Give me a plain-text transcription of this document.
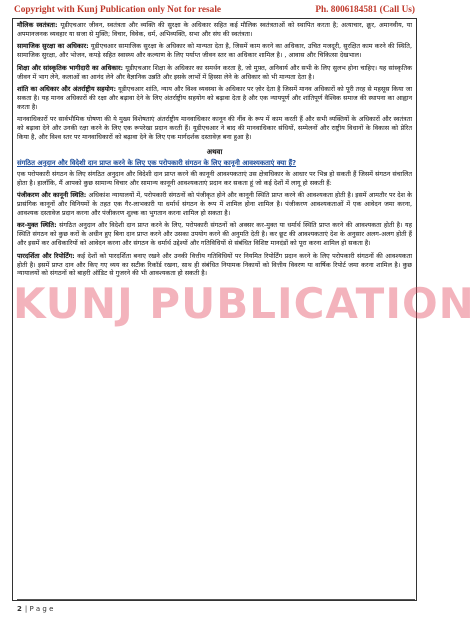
Copyright with Kunj Publication only Not for resale	Ph. 8006184581 (Call Us)

मौलिक स्वतंत्रता: यूडीएचआर जीवन, स्वतंत्रता और व्यक्ति की सुरक्षा के अधिकार सहित कई मौलिक स्वतंत्रताओं को स्थापित करता है; अत्याचार, क्रूर, अमानवीय, या अपमानजनक व्यवहार या सजा से मुक्ति; विचार, विवेक, धर्म, अभिव्यक्ति, सभा और संघ की स्वतंत्रता।

सामाजिक सुरक्षा का अधिकार: यूडीएचआर सामाजिक सुरक्षा के अधिकार को मान्यता देता है, जिसमें काम करने का अधिकार, उचित मजदूरी, सुरक्षित काम करने की स्थिति, सामाजिक सुरक्षा, और भोजन, कपड़े सहित स्वास्थ्य और कल्याण के लिए पर्याप्त जीवन स्तर का अधिकार शामिल है। , आवास और चिकित्सा देखभाल।

शिक्षा और सांस्कृतिक भागीदारी का अधिकार: यूडीएचआर शिक्षा के अधिकार का समर्थन करता है, जो मुफ़्त, अनिवार्य और सभी के लिए सुलभ होना चाहिए। यह सांस्कृतिक जीवन में भाग लेने, कलाओं का आनंद लेने और वैज्ञानिक उन्नति और इसके लाभों में हिस्सा लेने के अधिकार को भी मान्यता देता है।

शांति का अधिकार और अंतर्राष्ट्रीय सहयोग: यूडीएचआर शांति, न्याय और विश्व व्यवस्था के अधिकार पर ज़ोर देता है जिसमें मानव अधिकारों को पूरी तरह से महसूस किया जा सकता है। यह मानव अधिकारों की रक्षा और बढ़ावा देने के लिए अंतर्राष्ट्रीय सहयोग को बढ़ावा देता है और एक न्यायपूर्ण और शांतिपूर्ण वैश्विक समाज की स्थापना का आह्वान करता है।

मानवाधिकारों पर सार्वभौमिक घोषणा की ये मुख्य विशेषताएं अंतर्राष्ट्रीय मानवाधिकार कानून की नींव के रूप में काम करती हैं और सभी व्यक्तियों के अधिकारों और स्वतंत्रता को बढ़ावा देने और उनकी रक्षा करने के लिए एक रूपरेखा प्रदान करती हैं। यूडीएचआर ने बाद की मानवाधिकार संधियों, सम्मेलनों और राष्ट्रीय विधानों के विकास को प्रेरित किया है, और विश्व स्तर पर मानवाधिकारों को बढ़ावा देने के लिए एक मार्गदर्शक दस्तावेज़ बना हुआ है।

अथवा
संगठित अनुदान और विदेशी दान प्राप्त करने के लिए एक परोपकारी संगठन के लिए कानूनी आवश्यकताएं क्या हैं?

एक परोपकारी संगठन के लिए संगठित अनुदान और विदेशी दान प्राप्त करने की कानूनी आवश्यकताएं उस क्षेत्राधिकार के आधार पर भिन्न हो सकती हैं जिसमें संगठन संचालित होता है। हालाँकि, मैं आपको कुछ सामान्य विचार और सामान्य कानूनी आवश्यकताएं प्रदान कर सकता हूं जो कई देशों में लागू हो सकती हैं:

पंजीकरण और कानूनी स्थिति: अधिकांश न्यायालयों में, परोपकारी संगठनों को पंजीकृत होने और कानूनी स्थिति प्राप्त करने की आवश्यकता होती है। इसमें आमतौर पर देश के प्रासंगिक कानूनों और विनियमों के तहत एक गैर-लाभकारी या धर्मार्थ संगठन के रूप में शामिल होना शामिल है। पंजीकरण आवश्यकताओं में एक आवेदन जमा करना, आवश्यक दस्तावेज प्रदान करना और पंजीकरण शुल्क का भुगतान करना शामिल हो सकता है।

कर-मुक्त स्थिति: संगठित अनुदान और विदेशी दान प्राप्त करने के लिए, परोपकारी संगठनों को अक्सर कर-मुक्त या धर्मार्थ स्थिति प्राप्त करने की आवश्यकता होती है। यह स्थिति संगठन को कुछ करों के अधीन हुए बिना दान प्राप्त करने और उसका उपयोग करने की अनुमति देती है। कर छूट की आवश्यकताएं देश के अनुसार अलग-अलग होती हैं और इसमें कर अधिकारियों को आवेदन करना और संगठन के धर्मार्थ उद्देश्यों और गतिविधियों से संबंधित विशिष्ट मानदंडों को पूरा करना शामिल हो सकता है।

पारदर्शिता और रिपोर्टिंग: कई देशों को पारदर्शिता बनाए रखने और उनकी वित्तीय गतिविधियों पर नियमित रिपोर्टिंग प्रदान करने के लिए परोपकारी संगठनों की आवश्यकता होती है। इसमें प्राप्त दान और किए गए व्यय का सटीक रिकॉर्ड रखना, साथ ही संबंधित नियामक निकायों को वित्तीय विवरण या वार्षिक रिपोर्ट जमा करना शामिल है। कुछ न्यायालयों को संगठनों को बाहरी ऑडिट से गुजरने की भी आवश्यकता हो सकती है।

KUNJ PUBLICATION
2 | P a g e
